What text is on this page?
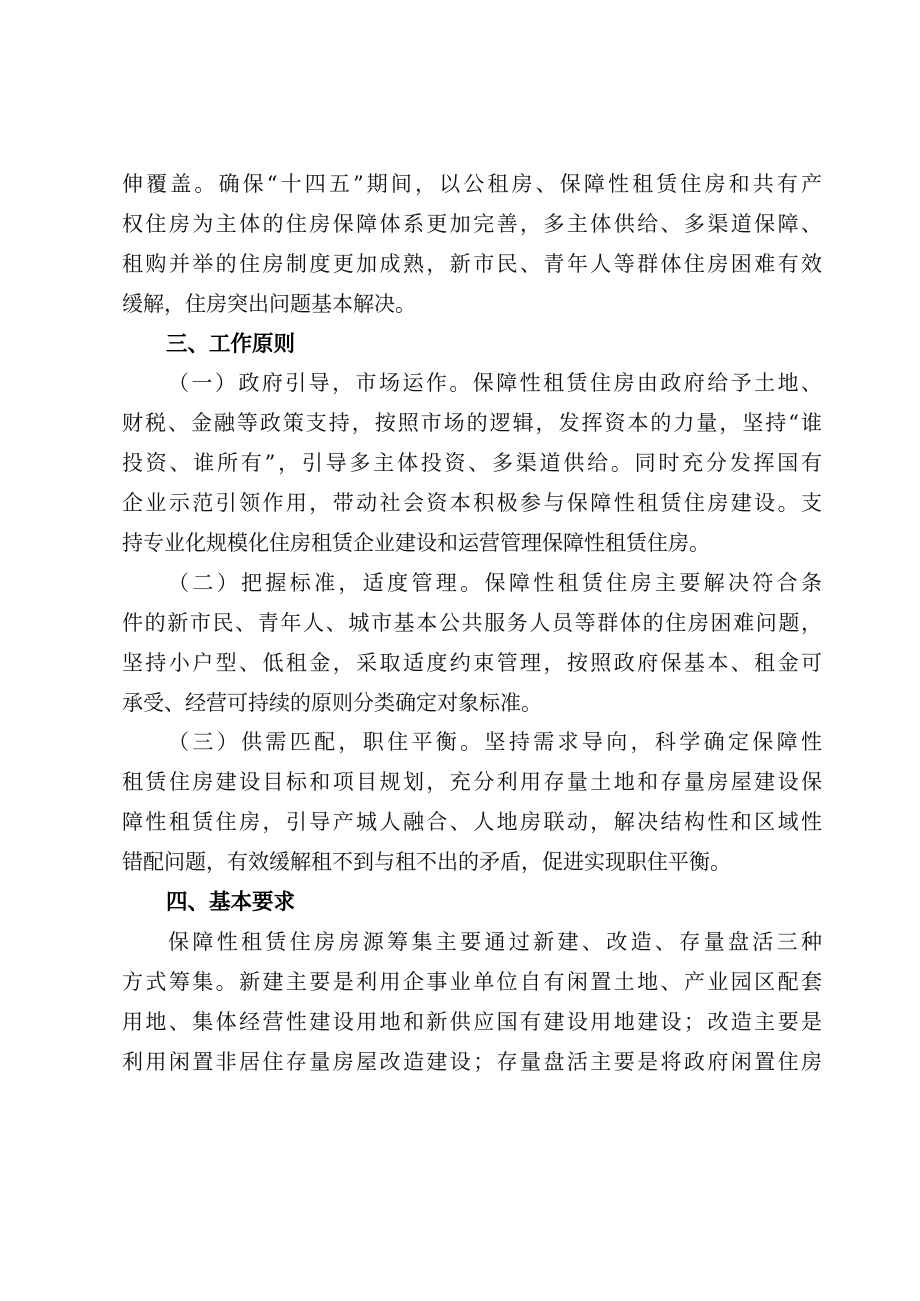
伸覆盖。确保“十四五”期间，以公租房、保障性租赁住房和共有产
权住房为主体的住房保障体系更加完善，多主体供给、多渠道保障、
租购并举的住房制度更加成熟，新市民、青年人等群体住房困难有效
缓解，住房突出问题基本解决。
三、工作原则
（一）政府引导，市场运作。保障性租赁住房由政府给予土地、
财税、金融等政策支持，按照市场的逻辑，发挥资本的力量，坚持“谁
投资、谁所有”，引导多主体投资、多渠道供给。同时充分发挥国有
企业示范引领作用，带动社会资本积极参与保障性租赁住房建设。支
持专业化规模化住房租赁企业建设和运营管理保障性租赁住房。
（二）把握标准，适度管理。保障性租赁住房主要解决符合条
件的新市民、青年人、城市基本公共服务人员等群体的住房困难问题，
坚持小户型、低租金，采取适度约束管理，按照政府保基本、租金可
承受、经营可持续的原则分类确定对象标准。
（三）供需匹配，职住平衡。坚持需求导向，科学确定保障性
租赁住房建设目标和项目规划，充分利用存量土地和存量房屋建设保
障性租赁住房，引导产城人融合、人地房联动，解决结构性和区域性
错配问题，有效缓解租不到与租不出的矛盾，促进实现职住平衡。
四、基本要求
保障性租赁住房房源筹集主要通过新建、改造、存量盘活三种
方式筹集。新建主要是利用企事业单位自有闲置土地、产业园区配套
用地、集体经营性建设用地和新供应国有建设用地建设；改造主要是
利用闲置非居住存量房屋改造建设；存量盘活主要是将政府闲置住房
